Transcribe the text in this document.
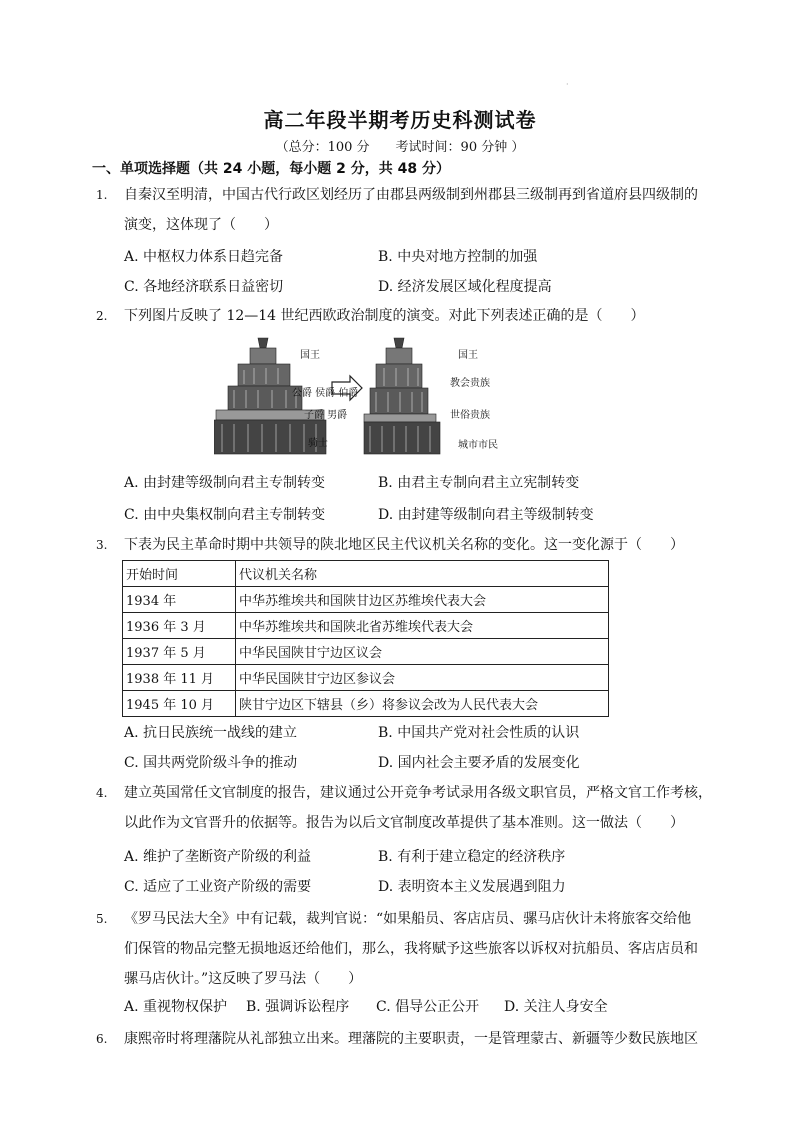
·
高二年段半期考历史科测试卷
（总分：100 分　　考试时间：90 分钟 ）
一、单项选择题（共 24 小题，每小题 2 分，共 48 分）
1. 自秦汉至明清，中国古代行政区划经历了由郡县两级制到州郡县三级制再到省道府县四级制的
演变，这体现了（　　）
A. 中枢权力体系日趋完备	B. 中央对地方控制的加强
C. 各地经济联系日益密切	D. 经济发展区域化程度提高
2. 下列图片反映了 12—14 世纪西欧政治制度的演变。对此下列表述正确的是（　　）
国王
公爵 侯爵 伯爵
子爵 男爵
骑士
国王
教会贵族
世俗贵族
城市市民
A. 由封建等级制向君主专制转变	B. 由君主专制向君主立宪制转变
C. 由中央集权制向君主专制转变	D. 由封建等级制向君主等级制转变
3. 下表为民主革命时期中共领导的陕北地区民主代议机关名称的变化。这一变化源于（　　）
开始时间	代议机关名称
1934 年	中华苏维埃共和国陕甘边区苏维埃代表大会
1936 年 3 月	中华苏维埃共和国陕北省苏维埃代表大会
1937 年 5 月	中华民国陕甘宁边区议会
1938 年 11 月	中华民国陕甘宁边区参议会
1945 年 10 月	陕甘宁边区下辖县（乡）将参议会改为人民代表大会
A. 抗日民族统一战线的建立	B. 中国共产党对社会性质的认识
C. 国共两党阶级斗争的推动	D. 国内社会主要矛盾的发展变化
4. 建立英国常任文官制度的报告，建议通过公开竞争考试录用各级文职官员，严格文官工作考核，
以此作为文官晋升的依据等。报告为以后文官制度改革提供了基本准则。这一做法（　　）
A. 维护了垄断资产阶级的利益	B. 有利于建立稳定的经济秩序
C. 适应了工业资产阶级的需要	D. 表明资本主义发展遇到阻力
5. 《罗马民法大全》中有记载，裁判官说：“如果船员、客店店员、骡马店伙计未将旅客交给他
们保管的物品完整无损地返还给他们，那么，我将赋予这些旅客以诉权对抗船员、客店店员和
骡马店伙计。”这反映了罗马法（　　）
A. 重视物权保护 B. 强调诉讼程序 C. 倡导公正公开 D. 关注人身安全
6. 康熙帝时将理藩院从礼部独立出来。理藩院的主要职责，一是管理蒙古、新疆等少数民族地区
